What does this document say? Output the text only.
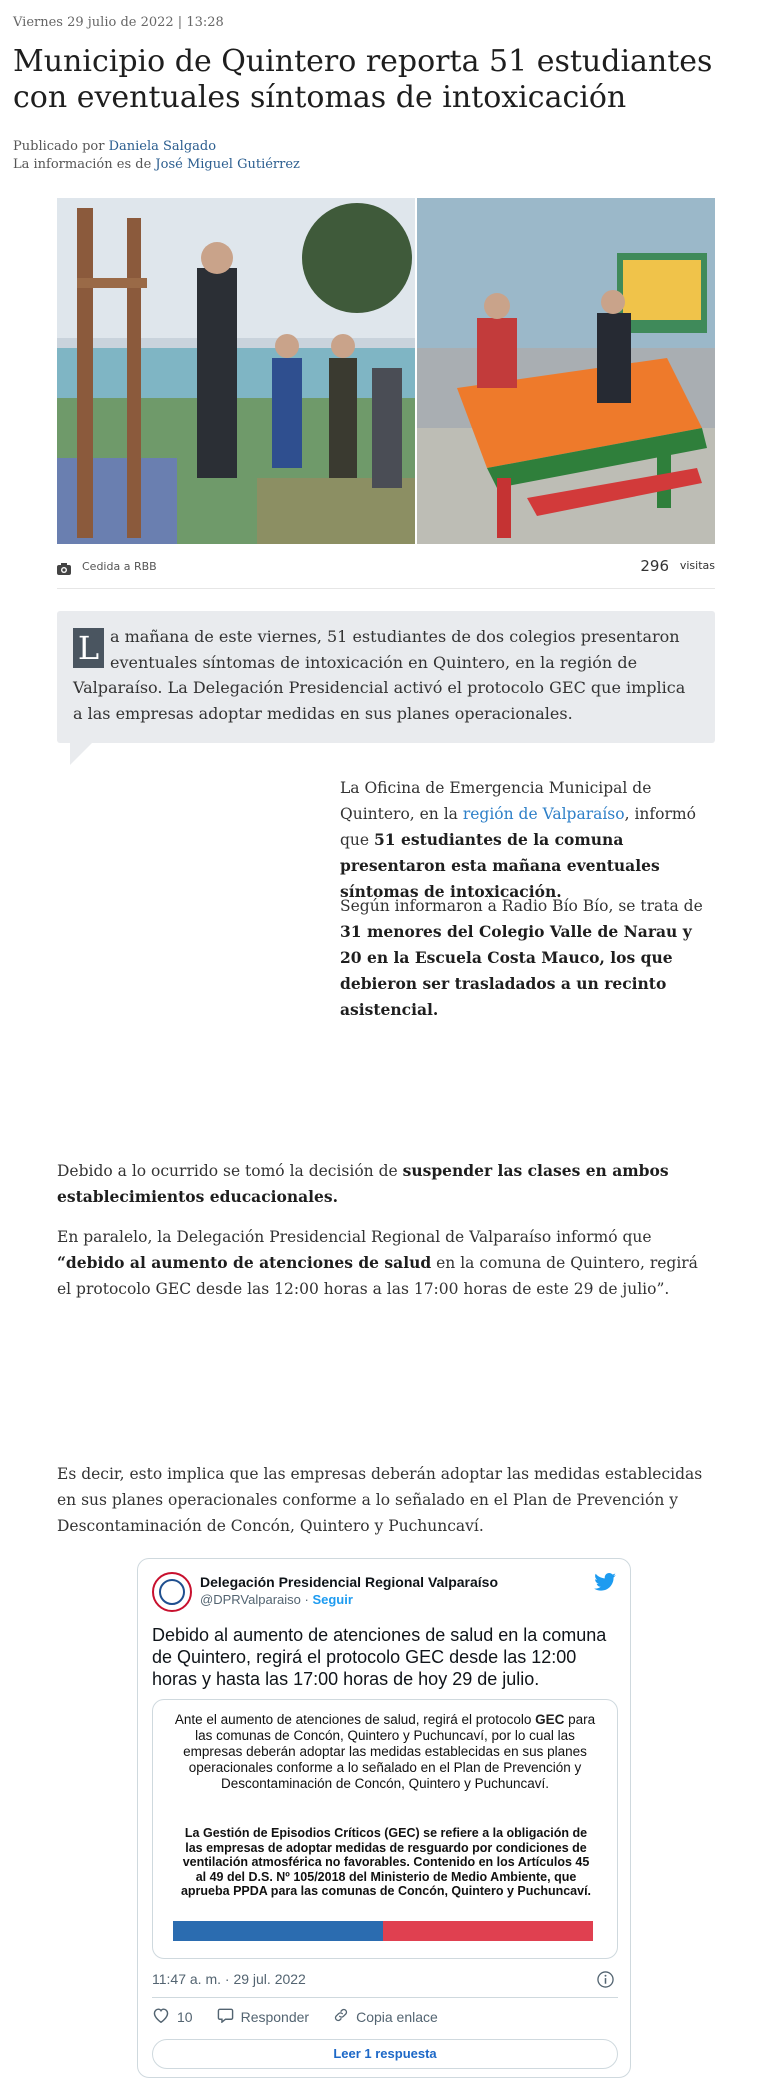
Viernes 29 julio de 2022 | 13:28
Municipio de Quintero reporta 51 estudiantes con eventuales síntomas de intoxicación
Publicado por Daniela Salgado
La información es de José Miguel Gutiérrez
Cedida a RBB	296 visitas
L a mañana de este viernes, 51 estudiantes de dos colegios presentaron eventuales síntomas de intoxicación en Quintero, en la región de Valparaíso. La Delegación Presidencial activó el protocolo GEC que implica a las empresas adoptar medidas en sus planes operacionales.

La Oficina de Emergencia Municipal de Quintero, en la región de Valparaíso, informó que 51 estudiantes de la comuna presentaron esta mañana eventuales síntomas de intoxicación.

Según informaron a Radio Bío Bío, se trata de 31 menores del Colegio Valle de Narau y 20 en la Escuela Costa Mauco, los que debieron ser trasladados a un recinto asistencial.

Debido a lo ocurrido se tomó la decisión de suspender las clases en ambos establecimientos educacionales.

En paralelo, la Delegación Presidencial Regional de Valparaíso informó que “debido al aumento de atenciones de salud en la comuna de Quintero, regirá el protocolo GEC desde las 12:00 horas a las 17:00 horas de este 29 de julio”.

Es decir, esto implica que las empresas deberán adoptar las medidas establecidas en sus planes operacionales conforme a lo señalado en el Plan de Prevención y Descontaminación de Concón, Quintero y Puchuncaví.

Delegación Presidencial Regional Valparaíso
@DPRValparaiso · Seguir
Debido al aumento de atenciones de salud en la comuna de Quintero, regirá el protocolo GEC desde las 12:00 horas y hasta las 17:00 horas de hoy 29 de julio.
Ante el aumento de atenciones de salud, regirá el protocolo GEC para las comunas de Concón, Quintero y Puchuncaví, por lo cual las empresas deberán adoptar las medidas establecidas en sus planes operacionales conforme a lo señalado en el Plan de Prevención y Descontaminación de Concón, Quintero y Puchuncaví.
La Gestión de Episodios Críticos (GEC) se refiere a la obligación de las empresas de adoptar medidas de resguardo por condiciones de ventilación atmosférica no favorables. Contenido en los Artículos 45 al 49 del D.S. Nº 105/2018 del Ministerio de Medio Ambiente, que aprueba PPDA para las comunas de Concón, Quintero y Puchuncaví.
11:47 a. m. · 29 jul. 2022
10	Responder	Copia enlace
Leer 1 respuesta
